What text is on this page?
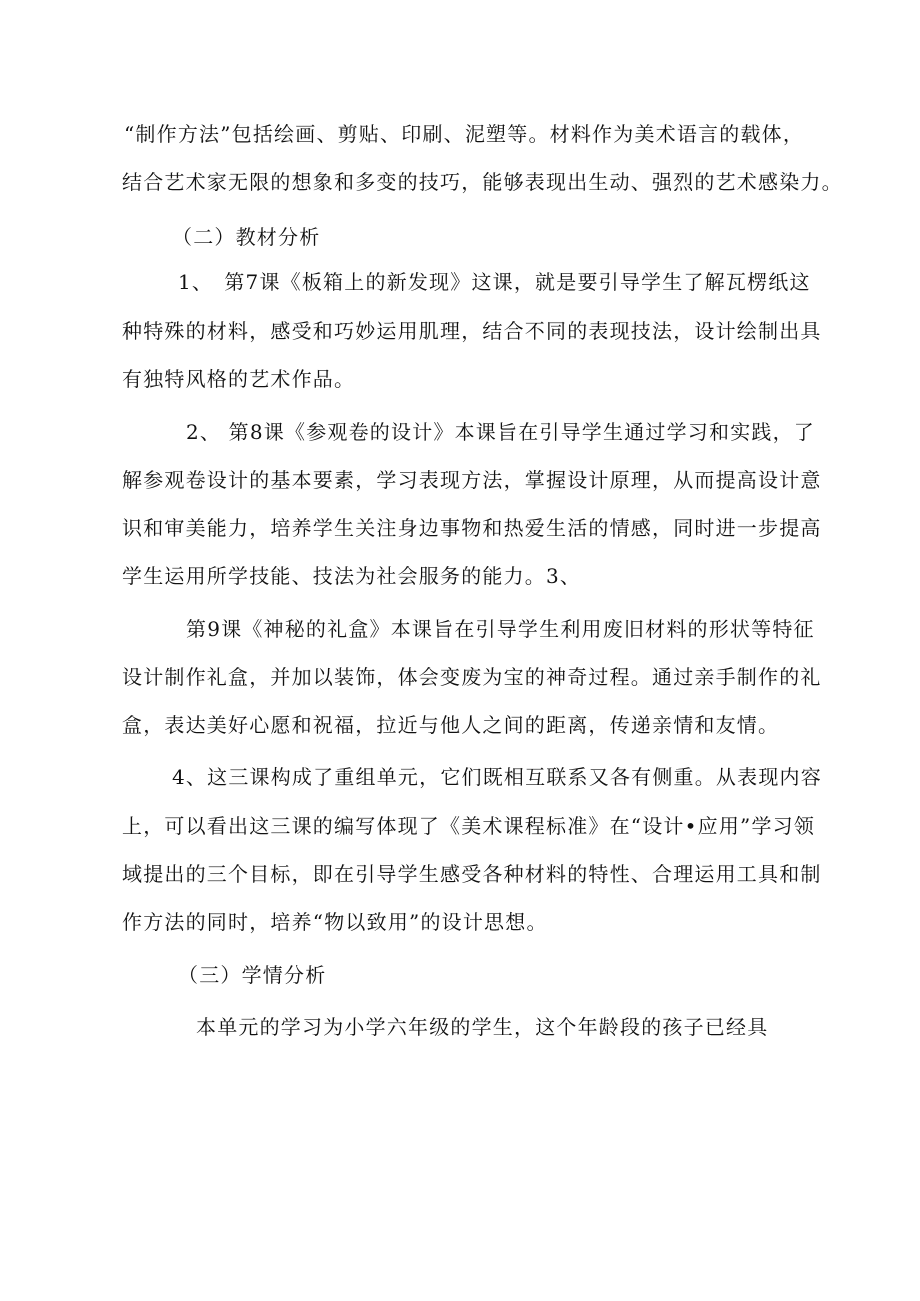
“制作方法”包括绘画、剪贴、印刷、泥塑等。材料作为美术语言的载体，
结合艺术家无限的想象和多变的技巧，能够表现出生动、强烈的艺术感染力。
（二）教材分析
1、　第7课《板箱上的新发现》这课，就是要引导学生了解瓦楞纸这
种特殊的材料，感受和巧妙运用肌理，结合不同的表现技法，设计绘制出具
有独特风格的艺术作品。
2、 第8课《参观卷的设计》本课旨在引导学生通过学习和实践，了
解参观卷设计的基本要素，学习表现方法，掌握设计原理，从而提高设计意
识和审美能力，培养学生关注身边事物和热爱生活的情感，同时进一步提高
学生运用所学技能、技法为社会服务的能力。3、
第9课《神秘的礼盒》本课旨在引导学生利用废旧材料的形状等特征
设计制作礼盒，并加以装饰，体会变废为宝的神奇过程。通过亲手制作的礼
盒，表达美好心愿和祝福，拉近与他人之间的距离，传递亲情和友情。
4、这三课构成了重组单元，它们既相互联系又各有侧重。从表现内容
上，可以看出这三课的编写体现了《美术课程标准》在“设计•应用”学习领
域提出的三个目标，即在引导学生感受各种材料的特性、合理运用工具和制
作方法的同时，培养“物以致用”的设计思想。
（三）学情分析
本单元的学习为小学六年级的学生，这个年龄段的孩子已经具
